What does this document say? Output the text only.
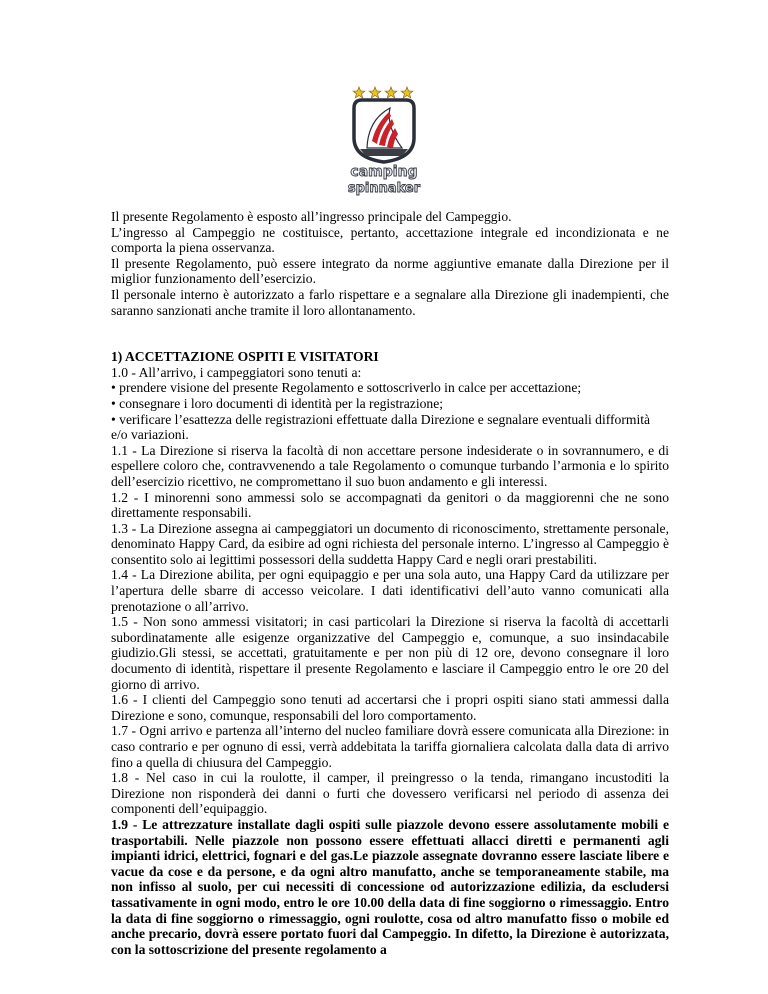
camping
spinnaker

Il presente Regolamento è esposto all’ingresso principale del Campeggio.

L’ingresso al Campeggio ne costituisce, pertanto, accettazione integrale ed incondizionata e ne comporta la piena osservanza.

Il presente Regolamento, può essere integrato da norme aggiuntive emanate dalla Direzione per il miglior funzionamento dell’esercizio.

Il personale interno è autorizzato a farlo rispettare e a segnalare alla Direzione gli inadempienti, che saranno sanzionati anche tramite il loro allontanamento.

1) ACCETTAZIONE OSPITI E VISITATORI

1.0 - All’arrivo, i campeggiatori sono tenuti a:

• prendere visione del presente Regolamento e sottoscriverlo in calce per accettazione;

• consegnare i loro documenti di identità per la registrazione;

• verificare l’esattezza delle registrazioni effettuate dalla Direzione e segnalare eventuali difformità

e/o variazioni.

1.1 - La Direzione si riserva la facoltà di non accettare persone indesiderate o in sovrannumero, e di espellere coloro che, contravvenendo a tale Regolamento o comunque turbando l’armonia e lo spirito dell’esercizio ricettivo, ne compromettano il suo buon andamento e gli interessi.

1.2 - I minorenni sono ammessi solo se accompagnati da genitori o da maggiorenni che ne sono direttamente responsabili.

1.3 - La Direzione assegna ai campeggiatori un documento di riconoscimento, strettamente personale, denominato Happy Card, da esibire ad ogni richiesta del personale interno. L’ingresso al Campeggio è consentito solo ai legittimi possessori della suddetta Happy Card e negli orari prestabiliti.

1.4 - La Direzione abilita, per ogni equipaggio e per una sola auto, una Happy Card da utilizzare per l’apertura delle sbarre di accesso veicolare. I dati identificativi dell’auto vanno comunicati alla prenotazione o all’arrivo.

1.5 - Non sono ammessi visitatori; in casi particolari la Direzione si riserva la facoltà di accettarli subordinatamente alle esigenze organizzative del Campeggio e, comunque, a suo insindacabile giudizio.Gli stessi, se accettati, gratuitamente e per non più di 12 ore, devono consegnare il loro documento di identità, rispettare il presente Regolamento e lasciare il Campeggio entro le ore 20 del giorno di arrivo.

1.6 - I clienti del Campeggio sono tenuti ad accertarsi che i propri ospiti siano stati ammessi dalla Direzione e sono, comunque, responsabili del loro comportamento.

1.7 - Ogni arrivo e partenza all’interno del nucleo familiare dovrà essere comunicata alla Direzione: in caso contrario e per ognuno di essi, verrà addebitata la tariffa giornaliera calcolata dalla data di arrivo fino a quella di chiusura del Campeggio.

1.8 - Nel caso in cui la roulotte, il camper, il preingresso o la tenda, rimangano incustoditi la Direzione non risponderà dei danni o furti che dovessero verificarsi nel periodo di assenza dei componenti dell’equipaggio.

1.9 - Le attrezzature installate dagli ospiti sulle piazzole devono essere assolutamente mobili e trasportabili. Nelle piazzole non possono essere effettuati allacci diretti e permanenti agli impianti idrici, elettrici, fognari e del gas.Le piazzole assegnate dovranno essere lasciate libere e vacue da cose e da persone, e da ogni altro manufatto, anche se temporaneamente stabile, ma non infisso al suolo, per cui necessiti di concessione od autorizzazione edilizia, da escludersi tassativamente in ogni modo, entro le ore 10.00 della data di fine soggiorno o rimessaggio. Entro la data di fine soggiorno o rimessaggio, ogni roulotte, cosa od altro manufatto fisso o mobile ed anche precario, dovrà essere portato fuori dal Campeggio. In difetto, la Direzione è autorizzata, con la sottoscrizione del presente regolamento a
